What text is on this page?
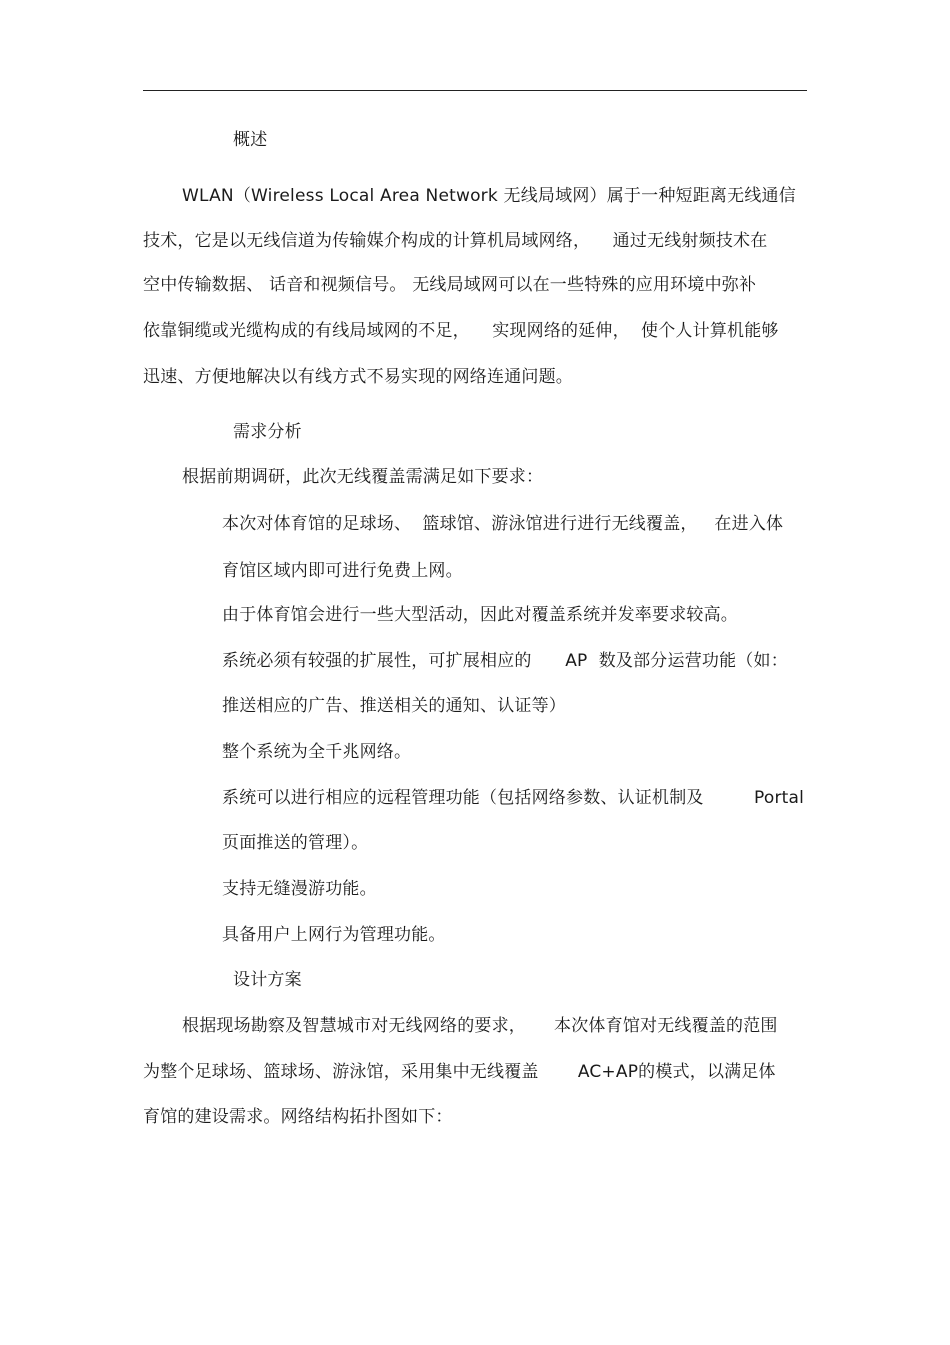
概述
WLAN（Wireless Local Area Network 无线局域网）属于一种短距离无线通信
技术，它是以无线信道为传输媒介构成的计算机局域网络，    通过无线射频技术在
空中传输数据、 话音和视频信号。 无线局域网可以在一些特殊的应用环境中弥补
依靠铜缆或光缆构成的有线局域网的不足，    实现网络的延伸，  使个人计算机能够
迅速、方便地解决以有线方式不易实现的网络连通问题。
需求分析
根据前期调研，此次无线覆盖需满足如下要求：
本次对体育馆的足球场、  篮球馆、游泳馆进行进行无线覆盖，   在进入体
育馆区域内即可进行免费上网。
由于体育馆会进行一些大型活动，因此对覆盖系统并发率要求较高。
系统必须有较强的扩展性，可扩展相应的      AP  数及部分运营功能（如：
推送相应的广告、推送相关的通知、认证等）
整个系统为全千兆网络。
系统可以进行相应的远程管理功能（包括网络参数、认证机制及         Portal
页面推送的管理）。
支持无缝漫游功能。
具备用户上网行为管理功能。
设计方案
根据现场勘察及智慧城市对无线网络的要求，     本次体育馆对无线覆盖的范围
为整个足球场、篮球场、游泳馆，采用集中无线覆盖       AC+AP的模式，以满足体
育馆的建设需求。网络结构拓扑图如下：
